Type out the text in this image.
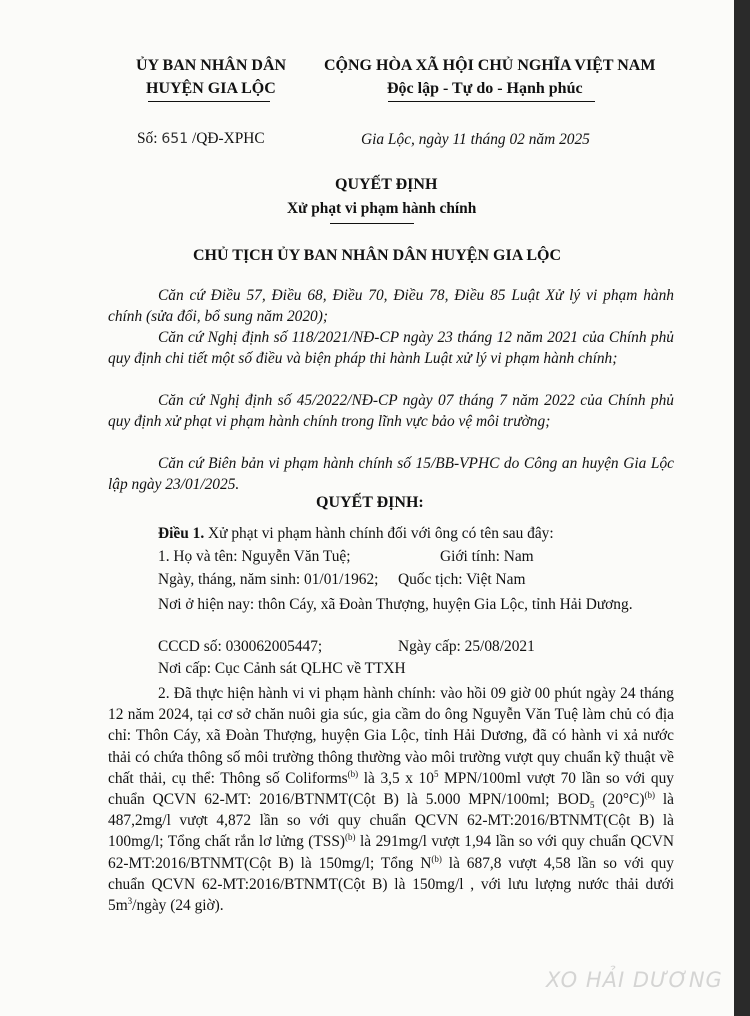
ỦY BAN NHÂN DÂN
HUYỆN GIA LỘC
CỘNG HÒA XÃ HỘI CHỦ NGHĨA VIỆT NAM
Độc lập - Tự do - Hạnh phúc
Số: 651 /QĐ-XPHC	Gia Lộc, ngày 11 tháng 02 năm 2025
QUYẾT ĐỊNH
Xử phạt vi phạm hành chính
CHỦ TỊCH ỦY BAN NHÂN DÂN HUYỆN GIA LỘC
Căn cứ Điều 57, Điều 68, Điều 70, Điều 78, Điều 85 Luật Xử lý vi phạm hành chính (sửa đổi, bổ sung năm 2020);
Căn cứ Nghị định số 118/2021/NĐ-CP ngày 23 tháng 12 năm 2021 của Chính phủ quy định chi tiết một số điều và biện pháp thi hành Luật xử lý vi phạm hành chính;
Căn cứ Nghị định số 45/2022/NĐ-CP ngày 07 tháng 7 năm 2022 của Chính phủ quy định xử phạt vi phạm hành chính trong lĩnh vực bảo vệ môi trường;
Căn cứ Biên bản vi phạm hành chính số 15/BB-VPHC do Công an huyện Gia Lộc lập ngày 23/01/2025.
QUYẾT ĐỊNH:
Điều 1. Xử phạt vi phạm hành chính đối với ông có tên sau đây:
1. Họ và tên: Nguyễn Văn Tuệ;	Giới tính: Nam
Ngày, tháng, năm sinh: 01/01/1962; Quốc tịch: Việt Nam
Nơi ở hiện nay: thôn Cáy, xã Đoàn Thượng, huyện Gia Lộc, tỉnh Hải Dương.
CCCD số: 030062005447;	Ngày cấp: 25/08/2021
Nơi cấp: Cục Cảnh sát QLHC về TTXH
2. Đã thực hiện hành vi vi phạm hành chính: vào hồi 09 giờ 00 phút ngày 24 tháng 12 năm 2024, tại cơ sở chăn nuôi gia súc, gia cầm do ông Nguyễn Văn Tuệ làm chủ có địa chỉ: Thôn Cáy, xã Đoàn Thượng, huyện Gia Lộc, tỉnh Hải Dương, đã có hành vi xả nước thải có chứa thông số môi trường thông thường vào môi trường vượt quy chuẩn kỹ thuật về chất thải, cụ thể: Thông số Coliforms$^{(b)}$ là 3,5 x $10^5$ MPN/100ml vượt 70 lần so với quy chuẩn QCVN 62-MT: 2016/BTNMT(Cột B) là 5.000 MPN/100ml; $BOD_5$ $(20^\circ C)^{(b)}$ là 487,2mg/l vượt 4,872 lần so với quy chuẩn QCVN 62-MT:2016/BTNMT(Cột B) là 100mg/l; Tổng chất rắn lơ lửng (TSS)$^{(b)}$ là 291mg/l vượt 1,94 lần so với quy chuẩn QCVN 62-MT:2016/BTNMT(Cột B) là 150mg/l; Tổng $N^{(b)}$ là 687,8 vượt 4,58 lần so với quy chuẩn QCVN 62-MT:2016/BTNMT(Cột B) là 150mg/l , với lưu lượng nước thải dưới $5m^3$/ngày (24 giờ).
XO HẢI DƯƠNG
